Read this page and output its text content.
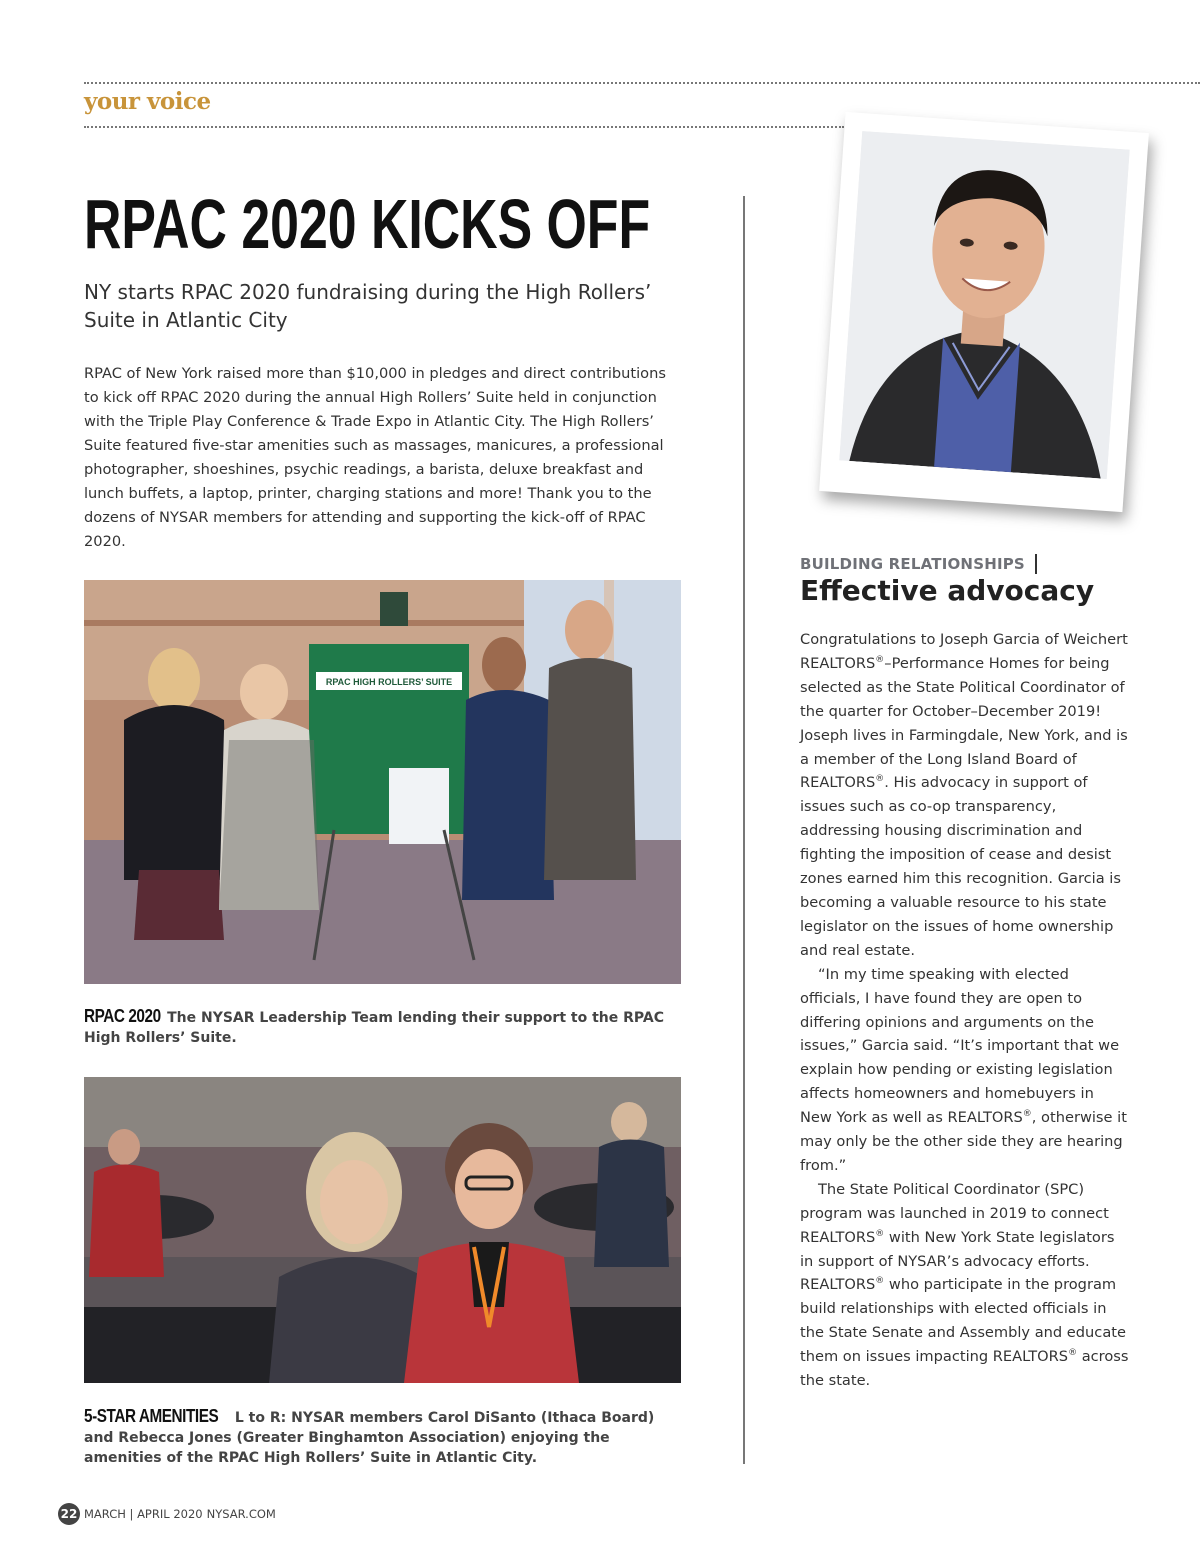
your voice
RPAC 2020 KICKS OFF

NY starts RPAC 2020 fundraising during the High Rollers’ Suite in Atlantic City

RPAC of New York raised more than $10,000 in pledges and direct contributions to kick off RPAC 2020 during the annual High Rollers’ Suite held in conjunction with the Triple Play Conference & Trade Expo in Atlantic City. The High Rollers’ Suite featured five-star amenities such as massages, manicures, a professional photographer, shoeshines, psychic readings, a barista, deluxe breakfast and lunch buffets, a laptop, printer, charging stations and more! Thank you to the dozens of NYSAR members for attending and supporting the kick-off of RPAC 2020.

RPAC HIGH ROLLERS’ SUITE

RPAC 2020 The NYSAR Leadership Team lending their support to the RPAC High Rollers’ Suite.

5-STAR AMENITIES L to R: NYSAR members Carol DiSanto (Ithaca Board) and Rebecca Jones (Greater Binghamton Association) enjoying the amenities of the RPAC High Rollers’ Suite in Atlantic City.

BUILDING RELATIONSHIPS
Effective advocacy

Congratulations to Joseph Garcia of Weichert REALTORS®–Performance Homes for being selected as the State Political Coordinator of the quarter for October–December 2019! Joseph lives in Farmingdale, New York, and is a member of the Long Island Board of REALTORS®. His advocacy in support of issues such as co-op transparency, addressing housing discrimination and fighting the imposition of cease and desist zones earned him this recognition. Garcia is becoming a valuable resource to his state legislator on the issues of home ownership and real estate.

“In my time speaking with elected officials, I have found they are open to differing opinions and arguments on the issues,” Garcia said. “It’s important that we explain how pending or existing legislation affects homeowners and homebuyers in New York as well as REALTORS®, otherwise it may only be the other side they are hearing from.”

The State Political Coordinator (SPC) program was launched in 2019 to connect REALTORS® with New York State legislators in support of NYSAR’s advocacy efforts. REALTORS® who participate in the program build relationships with elected officials in the State Senate and Assembly and educate them on issues impacting REALTORS® across the state.

22 MARCH | APRIL 2020 NYSAR.COM
